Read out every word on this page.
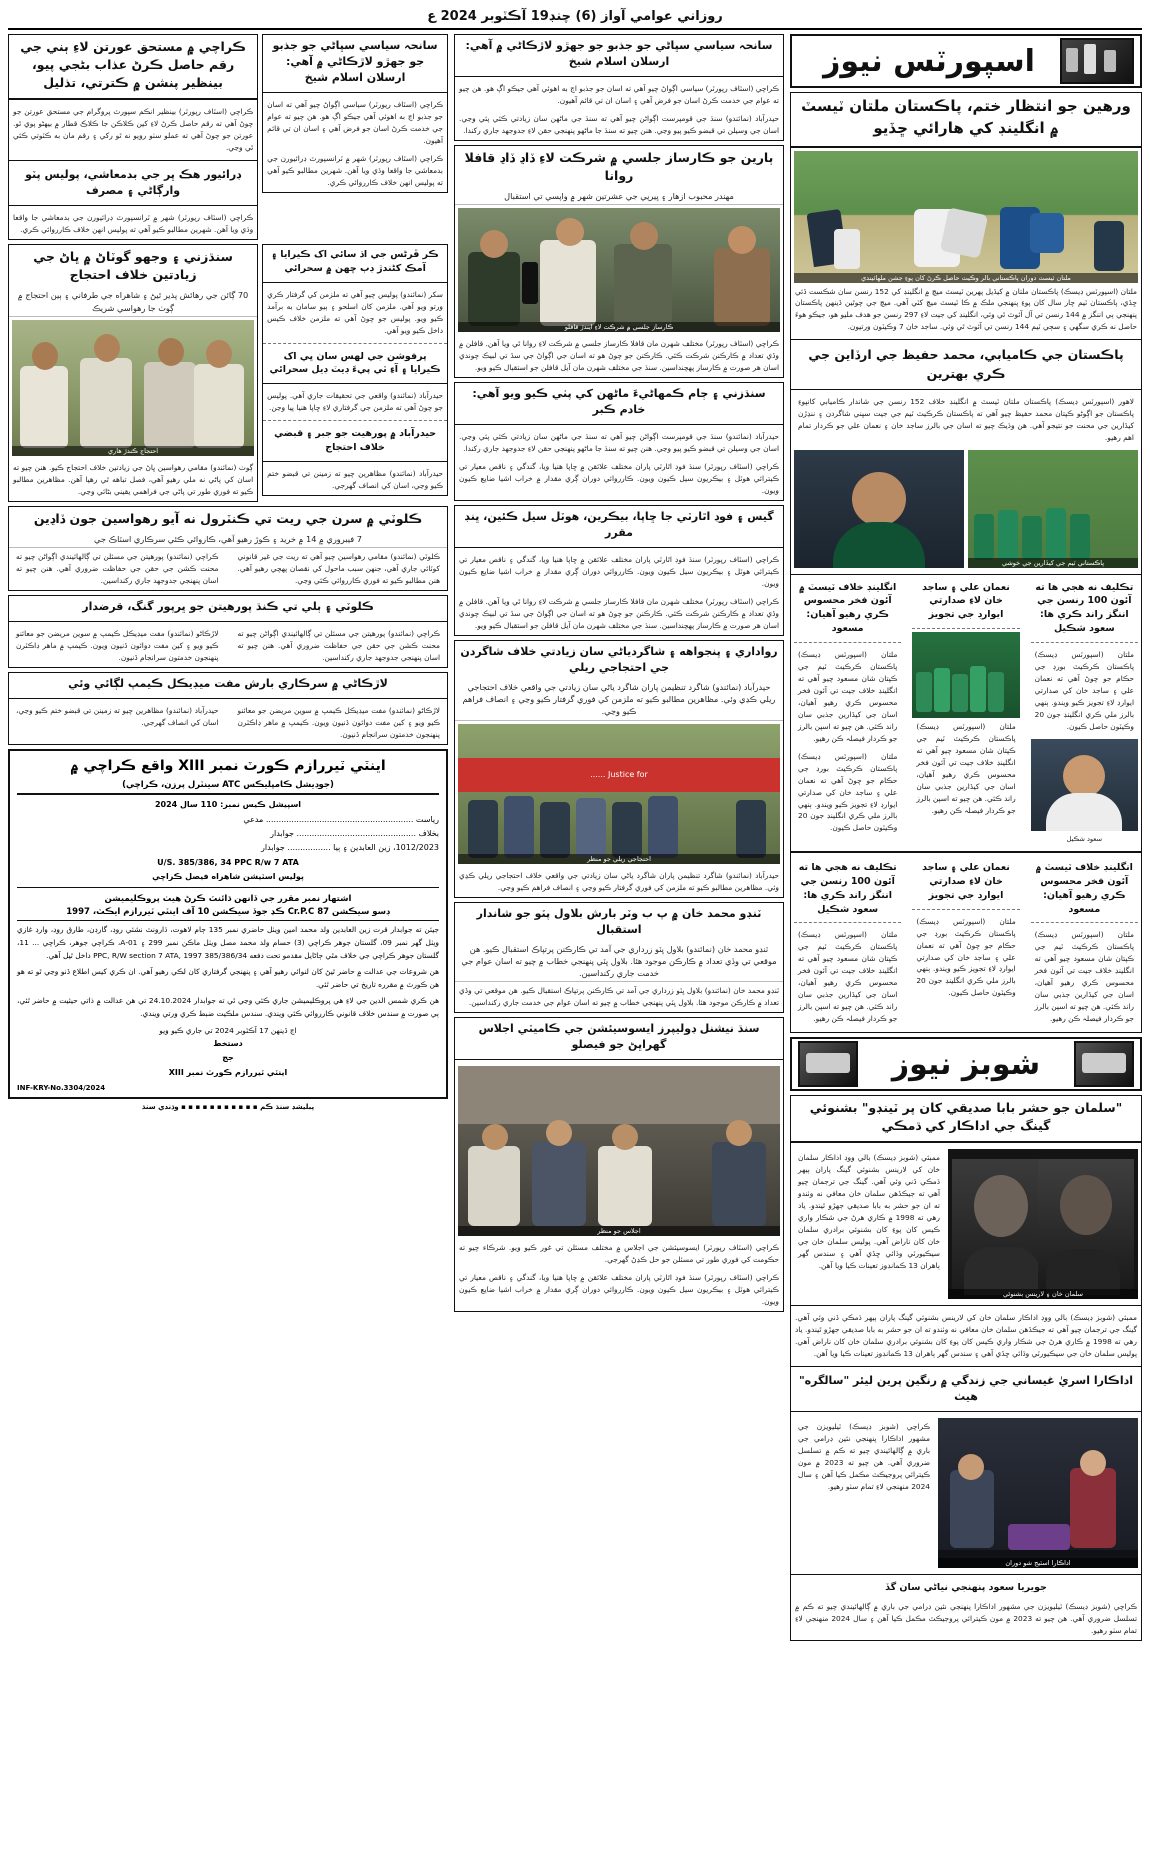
روزاني عوامي آواز (6) چنڊ19 آڪٽوبر 2024 ع
اسپورٽس نيوز
ورهين جو انتظار ختم، پاڪستان ملتان ٽيسٽ ۾ انگلينڊ کي هارائي ڇڏيو
ملتان ٽيسٽ دوران پاڪستاني بالر وڪيٽ حاصل ڪرڻ کان پوءِ جشن ملهائيندي
ملتان (اسپورٽس ڊيسڪ) پاڪستان ملتان ۾ کيڏيل پهرين ٽيسٽ ميچ ۾ انگلينڊ کي 152 رنسن سان شڪست ڏئي ڇڏي، پاڪستان ٽيم چار سال کان پوءِ پنهنجي ملڪ ۾ ڪا ٽيسٽ ميچ کٽي آهي. ميچ جي چوٿين ڏينهن پاڪستان پنهنجي ٻي اننگز ۾ 144 رنسن تي آل آئوٽ ٿي وئي، انگلينڊ کي جيت لاءِ 297 رنسن جو هدف مليو هو، جيڪو هوءَ حاصل نه ڪري سگهي ۽ سڄي ٽيم 144 رنسن تي آئوٽ ٿي وئي. ساجد خان 7 وڪيٽون ورتيون.
پاڪستان جي ڪاميابي، محمد حفيظ جي ارڏاين جي ڪري بهترين
لاهور (اسپورٽس ڊيسڪ) پاڪستان ملتان ٽيسٽ ۾ انگلينڊ خلاف 152 رنسن جي شاندار ڪاميابي کانپوءِ پاڪستان جو اڳوڻو ڪپتان محمد حفيظ چيو آهي ته پاڪستان ڪرڪيٽ ٽيم جي جيت سڀني شاگردن ۽ ننڍڙن کيڏارين جي محنت جو نتيجو آهي. هن وڌيڪ چيو ته اسان جي بالرز ساجد خان ۽ نعمان علي جو ڪردار تمام اهم رهيو.
پاڪستاني ٽيم جي کيڏارين جي خوشي
تڪليف نه هجي ها ته آئون 100 رنسن جي اننگز راند ڪري ها: سعود شڪيل
ملتان (اسپورٽس ڊيسڪ) پاڪستان ڪرڪيٽ بورڊ جي حڪام جو چوڻ آهي ته نعمان علي ۽ ساجد خان کي صدارتي ايوارڊ لاءِ تجويز ڪيو ويندو. ٻنهي بالرز ملي ڪري انگلينڊ جون 20 وڪيٽون حاصل ڪيون.
سعود شڪيل
نعمان علي ۽ ساجد خان لاءِ صدارتي ايوارڊ جي تجويز
ملتان (اسپورٽس ڊيسڪ) پاڪستان ڪرڪيٽ ٽيم جي ڪپتان شان مسعود چيو آهي ته انگلينڊ خلاف جيت تي آئون فخر محسوس ڪري رهيو آهيان، اسان جي کيڏارين جذبي سان راند ڪئي. هن چيو ته اسپن بالرز جو ڪردار فيصلہ ڪن رهيو.
انگلينڊ خلاف ٽيسٽ ۾ آئون فخر محسوس ڪري رهيو آهيان: مسعود
ملتان (اسپورٽس ڊيسڪ) پاڪستان ڪرڪيٽ ٽيم جي ڪپتان شان مسعود چيو آهي ته انگلينڊ خلاف جيت تي آئون فخر محسوس ڪري رهيو آهيان، اسان جي کيڏارين جذبي سان راند ڪئي. هن چيو ته اسپن بالرز جو ڪردار فيصلہ ڪن رهيو.
ملتان (اسپورٽس ڊيسڪ) پاڪستان ڪرڪيٽ بورڊ جي حڪام جو چوڻ آهي ته نعمان علي ۽ ساجد خان کي صدارتي ايوارڊ لاءِ تجويز ڪيو ويندو. ٻنهي بالرز ملي ڪري انگلينڊ جون 20 وڪيٽون حاصل ڪيون.
انگلينڊ خلاف ٽيسٽ ۾ آئون فخر محسوس ڪري رهيو آهيان: مسعود
ملتان (اسپورٽس ڊيسڪ) پاڪستان ڪرڪيٽ ٽيم جي ڪپتان شان مسعود چيو آهي ته انگلينڊ خلاف جيت تي آئون فخر محسوس ڪري رهيو آهيان، اسان جي کيڏارين جذبي سان راند ڪئي. هن چيو ته اسپن بالرز جو ڪردار فيصلہ ڪن رهيو.
نعمان علي ۽ ساجد خان لاءِ صدارتي ايوارڊ جي تجويز
ملتان (اسپورٽس ڊيسڪ) پاڪستان ڪرڪيٽ بورڊ جي حڪام جو چوڻ آهي ته نعمان علي ۽ ساجد خان کي صدارتي ايوارڊ لاءِ تجويز ڪيو ويندو. ٻنهي بالرز ملي ڪري انگلينڊ جون 20 وڪيٽون حاصل ڪيون.
تڪليف نه هجي ها ته آئون 100 رنسن جي اننگز راند ڪري ها: سعود شڪيل
ملتان (اسپورٽس ڊيسڪ) پاڪستان ڪرڪيٽ ٽيم جي ڪپتان شان مسعود چيو آهي ته انگلينڊ خلاف جيت تي آئون فخر محسوس ڪري رهيو آهيان، اسان جي کيڏارين جذبي سان راند ڪئي. هن چيو ته اسپن بالرز جو ڪردار فيصلہ ڪن رهيو.
شوبز نيوز
"سلمان جو حشر بابا صديقي کان پر ٽينڊو" بشنوئي گينگ جي اداڪار کي ڌمڪي
سلمان خان ۽ لارينس بشنوئي
ممبئي (شوبز ڊيسڪ) بالي ووڊ اداڪار سلمان خان کي لارينس بشنوئي گينگ پاران ٻيهر ڌمڪي ڏني وئي آهي. گينگ جي ترجمان چيو آهي ته جيڪڏهن سلمان خان معافي نه وٺندو ته ان جو حشر به بابا صديقي جهڙو ٿيندو. ياد رهي ته 1998 ۾ ڪاري هرڻ جي شڪار واري ڪيس کان پوءِ کان بشنوئي برادري سلمان خان کان ناراض آهي. پوليس سلمان خان جي سيڪيورٽي وڌائي ڇڏي آهي ۽ سندس گهر ٻاهران 13 ڪمانڊوز تعينات ڪيا ويا آهن.
ممبئي (شوبز ڊيسڪ) بالي ووڊ اداڪار سلمان خان کي لارينس بشنوئي گينگ پاران ٻيهر ڌمڪي ڏني وئي آهي. گينگ جي ترجمان چيو آهي ته جيڪڏهن سلمان خان معافي نه وٺندو ته ان جو حشر به بابا صديقي جهڙو ٿيندو. ياد رهي ته 1998 ۾ ڪاري هرڻ جي شڪار واري ڪيس کان پوءِ کان بشنوئي برادري سلمان خان کان ناراض آهي. پوليس سلمان خان جي سيڪيورٽي وڌائي ڇڏي آهي ۽ سندس گهر ٻاهران 13 ڪمانڊوز تعينات ڪيا ويا آهن.
اداڪارا اسريٰ غيساني جي زندگي ۾ رنگين پرين ليئر "سالگره" هيٺ
اداڪارا اسٽيج شو دوران
ڪراچي (شوبز ڊيسڪ) ٽيليويزن جي مشهور اداڪارا پنهنجي نئين ڊرامي جي باري ۾ ڳالهائيندي چيو ته ڪم ۾ تسلسل ضروري آهي. هن چيو ته 2023 ۾ مون ڪيترائي پروجيڪٽ مڪمل ڪيا آهن ۽ سال 2024 منهنجي لاءِ تمام سٺو رهيو.
جويريا سعود پنهنجي نياڻي سان گڏ
ڪراچي (شوبز ڊيسڪ) ٽيليويزن جي مشهور اداڪارا پنهنجي نئين ڊرامي جي باري ۾ ڳالهائيندي چيو ته ڪم ۾ تسلسل ضروري آهي. هن چيو ته 2023 ۾ مون ڪيترائي پروجيڪٽ مڪمل ڪيا آهن ۽ سال 2024 منهنجي لاءِ تمام سٺو رهيو.
سانحہ سياسي سڀاڻي جو جذبو جو جهڙو لاڙڪاڻي ۾ آهي: ارسلان اسلام شيخ
ڪراچي (اسٽاف رپورٽر) سياسي اڳواڻ چيو آهي ته اسان جو جذبو اڄ به اهوئي آهي جيڪو اڳ هو. هن چيو ته عوام جي خدمت ڪرڻ اسان جو فرض آهي ۽ اسان ان تي قائم آهيون.
حيدرآباد (نمائندو) سنڌ جي قومپرست اڳواڻن چيو آهي ته سنڌ جي ماڻهن سان زيادتي ڪئي پئي وڃي. اسان جي وسيلن تي قبضو ڪيو پيو وڃي. هنن چيو ته سنڌ جا ماڻهو پنهنجي حقن لاءِ جدوجهد جاري رکندا.
ٻارين جو ڪارساز جلسي ۾ شرڪت لاءِ ڏاڍ ڏاڍ قافلا روانا
مهندر محبوب ازهار ۽ ڀيرپي جي عشرتين شهر ۾ واپسي تي استقبال
ڪارساز جلسي ۾ شرڪت لاءِ ايندڙ قافلو
ڪراچي (اسٽاف رپورٽر) مختلف شهرن مان قافلا ڪارساز جلسي ۾ شرڪت لاءِ روانا ٿي ويا آهن. قافلن ۾ وڏي تعداد ۾ ڪارڪنن شرڪت ڪئي. ڪارڪنن جو چوڻ هو ته اسان جي اڳواڻ جي سڏ تي لبيڪ چوندي اسان هر صورت ۾ ڪارساز پهچنداسين. سنڌ جي مختلف شهرن مان آيل قافلن جو استقبال ڪيو ويو.
سنڌزني ۽ ڄام ڪمهاڻيءَ ماڻهن کي پٺي ڪيو ويو آهي: خادم ڪبر
حيدرآباد (نمائندو) سنڌ جي قومپرست اڳواڻن چيو آهي ته سنڌ جي ماڻهن سان زيادتي ڪئي پئي وڃي. اسان جي وسيلن تي قبضو ڪيو پيو وڃي. هنن چيو ته سنڌ جا ماڻهو پنهنجي حقن لاءِ جدوجهد جاري رکندا.
ڪراچي (اسٽاف رپورٽر) سنڌ فوڊ اٿارٽي پاران مختلف علائقن ۾ ڇاپا هنيا ويا، گندگي ۽ ناقص معيار تي ڪيترائي هوٽل ۽ بيڪريون سيل ڪيون ويون. ڪارروائي دوران ڳري مقدار ۾ خراب اشيا ضايع ڪيون ويون.
گيس ۽ فوڊ اٿارٽي جا ڇاپا، بيڪرين، هوٽل سيل ڪئين، ڀنڊ مقرر
ڪراچي (اسٽاف رپورٽر) سنڌ فوڊ اٿارٽي پاران مختلف علائقن ۾ ڇاپا هنيا ويا، گندگي ۽ ناقص معيار تي ڪيترائي هوٽل ۽ بيڪريون سيل ڪيون ويون. ڪارروائي دوران ڳري مقدار ۾ خراب اشيا ضايع ڪيون ويون.
ڪراچي (اسٽاف رپورٽر) مختلف شهرن مان قافلا ڪارساز جلسي ۾ شرڪت لاءِ روانا ٿي ويا آهن. قافلن ۾ وڏي تعداد ۾ ڪارڪنن شرڪت ڪئي. ڪارڪنن جو چوڻ هو ته اسان جي اڳواڻ جي سڏ تي لبيڪ چوندي اسان هر صورت ۾ ڪارساز پهچنداسين. سنڌ جي مختلف شهرن مان آيل قافلن جو استقبال ڪيو ويو.
رواداري ۽ پنجواهه ۽ شاگردياڻي سان زيادتي خلاف شاگردن جي احتجاجي ريلي
حيدرآباد (نمائندو) شاگرد تنظيمن پاران شاگرد ياڻي سان زيادتي جي واقعي خلاف احتجاجي ريلي ڪڍي وئي. مظاهرين مطالبو ڪيو ته ملزمن کي فوري گرفتار ڪيو وڃي ۽ انصاف فراهم ڪيو وڃي.
Justice for ......
احتجاجي ريلي جو منظر
حيدرآباد (نمائندو) شاگرد تنظيمن پاران شاگرد ياڻي سان زيادتي جي واقعي خلاف احتجاجي ريلي ڪڍي وئي. مظاهرين مطالبو ڪيو ته ملزمن کي فوري گرفتار ڪيو وڃي ۽ انصاف فراهم ڪيو وڃي.
ٽنڊو محمد خان ۾ پ ب وٽر بارش بلاول پٽو جو شاندار استقبال
ٽنڊو محمد خان (نمائندو) بلاول ڀٽو زرداري جي آمد تي ڪارڪنن پرتپاڪ استقبال ڪيو. هن موقعي تي وڏي تعداد ۾ ڪارڪن موجود هئا. بلاول ڀٽي پنهنجي خطاب ۾ چيو ته اسان عوام جي خدمت جاري رکنداسين.
ٽنڊو محمد خان (نمائندو) بلاول ڀٽو زرداري جي آمد تي ڪارڪنن پرتپاڪ استقبال ڪيو. هن موقعي تي وڏي تعداد ۾ ڪارڪن موجود هئا. بلاول ڀٽي پنهنجي خطاب ۾ چيو ته اسان عوام جي خدمت جاري رکنداسين.
سنڌ نيشنل ڊوليپرز ايسوسيئشن جي ڪاميٽي اجلاس گهراڀڻ جو فيصلو
اجلاس جو منظر
ڪراچي (اسٽاف رپورٽر) ايسوسيئشن جي اجلاس ۾ مختلف مسئلن تي غور ڪيو ويو. شرڪاء چيو ته حڪومت کي فوري طور تي مسئلن جو حل ڪڍڻ گهرجي.
ڪراچي (اسٽاف رپورٽر) سنڌ فوڊ اٿارٽي پاران مختلف علائقن ۾ ڇاپا هنيا ويا، گندگي ۽ ناقص معيار تي ڪيترائي هوٽل ۽ بيڪريون سيل ڪيون ويون. ڪارروائي دوران ڳري مقدار ۾ خراب اشيا ضايع ڪيون ويون.
سانحہ سياسي سڀاڻي جو جذبو جو جهڙو لاڙڪاڻي ۾ آهي: ارسلان اسلام شيخ
ڪراچي (اسٽاف رپورٽر) سياسي اڳواڻ چيو آهي ته اسان جو جذبو اڄ به اهوئي آهي جيڪو اڳ هو. هن چيو ته عوام جي خدمت ڪرڻ اسان جو فرض آهي ۽ اسان ان تي قائم آهيون.
ڪراچي (اسٽاف رپورٽر) شهر ۾ ٽرانسپورٽ ڊرائيورن جي بدمعاشي جا واقعا وڌي ويا آهن. شهرين مطالبو ڪيو آهي ته پوليس انهن خلاف ڪارروائي ڪري.
ڪراچي ۾ مستحق عورتن لاءِ ٻني جي رقم حاصل ڪرڻ عذاب بڻجي پيو، بينظير پنشن ۾ ڪترتي، تذليل
ڪراچي (اسٽاف رپورٽر) بينظير انڪم سپورٽ پروگرام جي مستحق عورتن جو چوڻ آهي ته رقم حاصل ڪرڻ لاءِ کين ڪلاڪن جا ڪلاڪ قطار ۾ بيهڻو پوي ٿو. عورتن جو چوڻ آهي ته عملو سٺو رويو نه ٿو رکي ۽ رقم مان به ڪٽوتي ڪئي ٿي وڃي.
ڊرائيور هڪ ڀر جي بدمعاشي، پوليس پٽو وارڳاڻي ۽ مصرف
ڪراچي (اسٽاف رپورٽر) شهر ۾ ٽرانسپورٽ ڊرائيورن جي بدمعاشي جا واقعا وڌي ويا آهن. شهرين مطالبو ڪيو آهي ته پوليس انهن خلاف ڪارروائي ڪري.
ڪر ڦرڻس جي اڌ سائي اک ڪيرايا ۽ آمڪ کڻندڙ ڊٻ ڇهن ۾ سحرائي
سکر (نمائندو) پوليس چيو آهي ته ملزمن کي گرفتار ڪري ورتو ويو آهي. ملزمن کان اسلحو ۽ ٻيو سامان به برآمد ڪيو ويو. پوليس جو چوڻ آهي ته ملزمن خلاف ڪيس داخل ڪيو ويو آهي.
پرفوشن جي لهس سان ڀي اک ڪيرايا ۽ آءِ ٽي پيءَ ڊيٽ ڊيل سحرائي
حيدرآباد (نمائندو) واقعي جي تحقيقات جاري آهي. پوليس جو چوڻ آهي ته ملزمن جي گرفتاري لاءِ ڇاپا هنيا پيا وڃن.
حيدرآباد ۾ پورهيت جو جبر ۽ قبضي خلاف احتجاج
حيدرآباد (نمائندو) مظاهرين چيو ته زمينن تي قبضو ختم ڪيو وڃي، اسان کي انصاف گهرجي.
سنڌزني ۽ وجهو گوٽاڻ ۾ ڀاڻ جي زيادتين خلاف احتجاج
70 ڳائن جي رهائش پذير ٿيڻ ۽ شاهراه جي طرفاني ۽ ٻين احتجاج ۾ ڳوٺ جا رهواسي شريڪ
احتجاج ڪندڙ هاري
ڳوٺ (نمائندو) مقامي رهواسين ڀاڻ جي زيادتين خلاف احتجاج ڪيو. هنن چيو ته اسان کي پاڻي نه ملي رهيو آهي، فصل تباهه ٿي رهيا آهن. مظاهرين مطالبو ڪيو ته فوري طور تي پاڻي جي فراهمي يقيني بڻائي وڃي.
ڪلوٽي ۾ سرن جي ريت تي ڪنٽرول نه آيو رهواسين جون ڏاڍين
7 فيبروري ۾ 14 ۾ خريد ۽ ڪوڙ رهيو آهي، ڪاروائي ڪئي سرڪاري اسٽاڪ جي
ڪلوٽي (نمائندو) مقامي رهواسين چيو آهي ته ريت جي غير قانوني کوٽائي جاري آهي، جنهن سبب ماحول کي نقصان پهچي رهيو آهي. هنن مطالبو ڪيو ته فوري ڪارروائي ڪئي وڃي.
ڪراچي (نمائندو) پورهيتن جي مسئلن تي ڳالهائيندي اڳواڻن چيو ته محنت ڪشن جي حقن جي حفاظت ضروري آهي. هنن چيو ته اسان پنهنجي جدوجهد جاري رکنداسين.
ڪلوٽي ۽ ٻلي تي ڪنڌ پورهيتن جو ڀرپور گنگ، قرضدار
ڪراچي (نمائندو) پورهيتن جي مسئلن تي ڳالهائيندي اڳواڻن چيو ته محنت ڪشن جي حقن جي حفاظت ضروري آهي. هنن چيو ته اسان پنهنجي جدوجهد جاري رکنداسين.
لاڙڪاڻو (نمائندو) مفت ميڊيڪل ڪيمپ ۾ سوين مريضن جو معائنو ڪيو ويو ۽ کين مفت دوائون ڏنيون ويون. ڪيمپ ۾ ماهر ڊاڪٽرن پنهنجون خدمتون سرانجام ڏنيون.
لاڙڪاڻي ۾ سرڪاري بارش مفت ميڊيڪل ڪيمپ لڳائي وئي
لاڙڪاڻو (نمائندو) مفت ميڊيڪل ڪيمپ ۾ سوين مريضن جو معائنو ڪيو ويو ۽ کين مفت دوائون ڏنيون ويون. ڪيمپ ۾ ماهر ڊاڪٽرن پنهنجون خدمتون سرانجام ڏنيون.
حيدرآباد (نمائندو) مظاهرين چيو ته زمينن تي قبضو ختم ڪيو وڃي، اسان کي انصاف گهرجي.
اينٽي ٽيررازم ڪورٽ نمبر XIII واقع ڪراچي ۾
(جوڊيشل ڪامپليڪس ATC سينٽرل پرزن، ڪراچي)
اسپيشل ڪيس نمبر: 110 سال 2024
رياست .......................................................... مدعي
بخلاف ............................................... جوابدار
1012/2023، زين العابدين ۽ ٻيا ................. جوابدار
U/S. 385/386, 34 PPC R/w 7 ATA
پوليس اسٽيشن شاهراه فيصل ڪراچي
اشتهار نمبر مقرر جي ڏانهن ڌائنٽ ڪرڻ هيٺ پروڪليميشن
ڊسو سيڪشن 87 Cr.P.C ڪڍ جوڏ سيڪشن 10 آف اينٽي ٽيررازم ايڪٽ، 1997
جيئن ته جوابدار قرت زين العابدين ولد محمد امين ويٺل حاضري نمبر 135 ڄام لاهوت، ڌارونٽ نشئي روڊ، گارڊن، طارق روڊ، وارڊ غازي ويٺل گهر نمبر 09، گلستان جوهر ڪراچي (3) حسام ولد محمد مصل ويٺل ماڪن نمبر 299 ۽ 01-A، ڪراچي جوهر، ڪراچي ... 11، گلستان جوهر ڪراچي جي خلاف مٿي ڄاڻايل مقدمو تحت دفعه 385/386/34 PPC, R/W section 7 ATA, 1997 داخل ٿيل آهي.
هن شروعات جي عدالت ۾ حاضر ٿيڻ کان لنوائي رهيو آهي ۽ پنهنجي گرفتاري کان لڪي رهيو آهي. ان ڪري کيس اطلاع ڏنو وڃي ٿو ته هو هن ڪورٽ ۾ مقرره تاريخ تي حاضر ٿئي.
هن ڪري شمس الدين جي لاءِ هي پروڪليميشن جاري ڪئي وڃي ٿي ته جوابدار 24.10.2024 تي هن عدالت ۾ ذاتي حيثيت ۾ حاضر ٿئي، ٻي صورت ۾ سندس خلاف قانوني ڪارروائي ڪئي ويندي. سندس ملڪيت ضبط ڪري ورتي ويندي.
اڄ ڏينهن 17 آڪٽوبر 2024 تي جاري ڪيو ويو
دستخط
جج
اينٽي ٽيررازم ڪورٽ نمبر XIII
INF-KRY-No.3304/2024
پبليشڊ سنڌ ڪم ▪ ▪ ▪ ▪ ▪ ▪ ▪ ▪ ▪ ▪ ▪ وڌندي سنڌ
